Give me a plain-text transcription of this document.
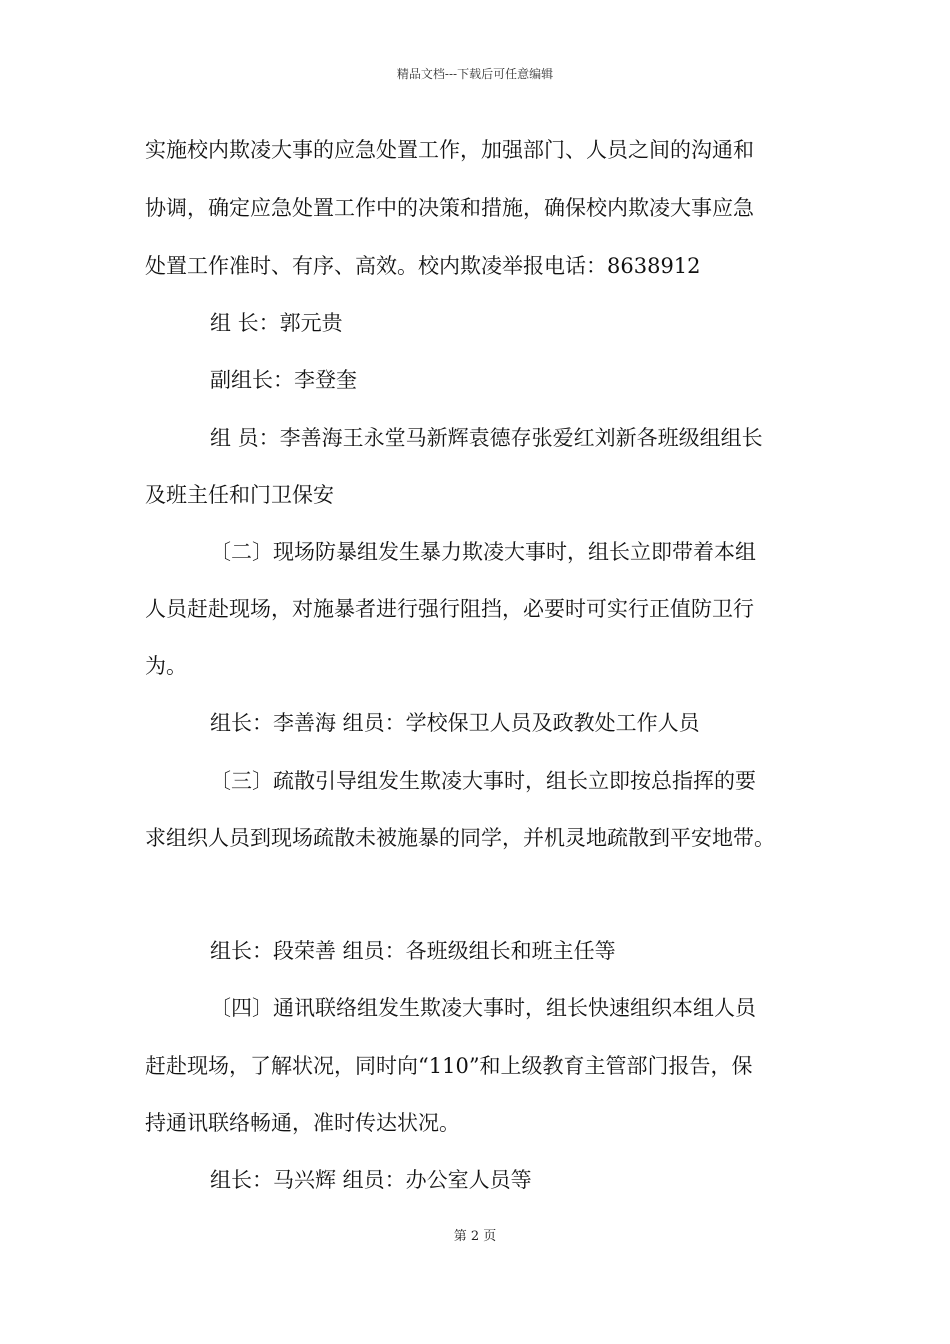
精品文档---下载后可任意编辑
实施校内欺凌大事的应急处置工作，加强部门、人员之间的沟通和
协调，确定应急处置工作中的决策和措施，确保校内欺凌大事应急
处置工作准时、有序、高效。校内欺凌举报电话：8638912
组 长：郭元贵
副组长：李登奎
组 员：李善海王永堂马新辉袁德存张爱红刘新各班级组组长
及班主任和门卫保安
〔二〕现场防暴组发生暴力欺凌大事时，组长立即带着本组
人员赶赴现场，对施暴者进行强行阻挡，必要时可实行正值防卫行
为。
组长：李善海 组员：学校保卫人员及政教处工作人员
〔三〕疏散引导组发生欺凌大事时，组长立即按总指挥的要
求组织人员到现场疏散未被施暴的同学，并机灵地疏散到平安地带。
组长：段荣善 组员：各班级组长和班主任等
〔四〕通讯联络组发生欺凌大事时，组长快速组织本组人员
赶赴现场，了解状况，同时向“110”和上级教育主管部门报告，保
持通讯联络畅通，准时传达状况。
组长：马兴辉 组员：办公室人员等
第 2 页
